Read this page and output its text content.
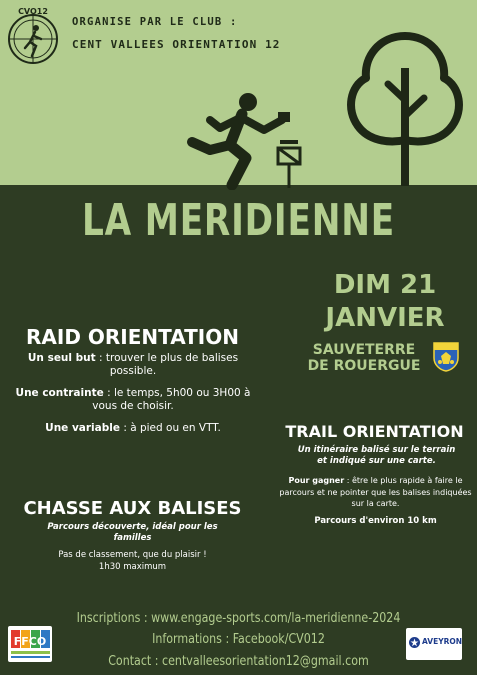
CVO12
ORGANISE PAR LE CLUB :
CENT VALLEES ORIENTATION 12
LA MERIDIENNE
DIM 21
JANVIER
SAUVETERRE
DE ROUERGUE
RAID ORIENTATION
Un seul but : trouver le plus de balises possible.
Une contrainte : le temps, 5h00 ou 3H00 à vous de choisir.
Une variable : à pied ou en VTT.
CHASSE AUX BALISES
Parcours découverte, idéal pour les familles
Pas de classement, que du plaisir !
1h30 maximum
TRAIL ORIENTATION
Un itinéraire balisé sur le terrain et indiqué sur une carte.
Pour gagner : être le plus rapide à faire le parcours et ne pointer que les balises indiquées sur la carte.
Parcours d'environ 10 km
Inscriptions : www.engage-sports.com/la-meridienne-2024
Informations : Facebook/CV012
Contact : centvalleesorientation12@gmail.com
FFCO	AVEYRON
